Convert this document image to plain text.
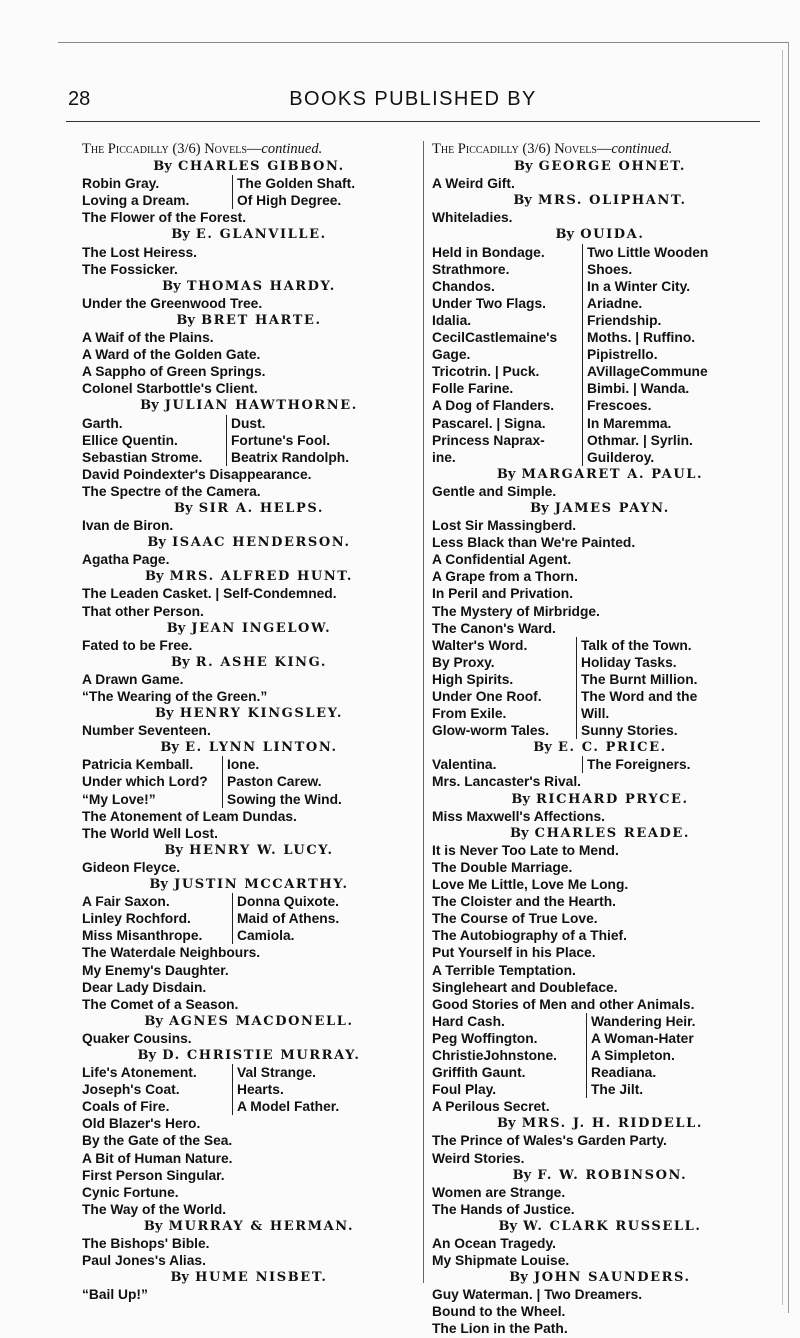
28	BOOKS PUBLISHED BY
The Piccadilly (3/6) Novels—continued.
By CHARLES GIBBON.
Robin Gray.	The Golden Shaft.
Loving a Dream.	Of High Degree.
The Flower of the Forest.
By E. GLANVILLE.
The Lost Heiress.
The Fossicker.
By THOMAS HARDY.
Under the Greenwood Tree.
By BRET HARTE.
A Waif of the Plains.
A Ward of the Golden Gate.
A Sappho of Green Springs.
Colonel Starbottle's Client.
By JULIAN HAWTHORNE.
Garth.	Dust.
Ellice Quentin.	Fortune's Fool.
Sebastian Strome.	Beatrix Randolph.
David Poindexter's Disappearance.
The Spectre of the Camera.
By SIR A. HELPS.
Ivan de Biron.
By ISAAC HENDERSON.
Agatha Page.
By MRS. ALFRED HUNT.
The Leaden Casket. | Self-Condemned.
That other Person.
By JEAN INGELOW.
Fated to be Free.
By R. ASHE KING.
A Drawn Game.
“The Wearing of the Green.”
By HENRY KINGSLEY.
Number Seventeen.
By E. LYNN LINTON.
Patricia Kemball.	Ione.
Under which Lord?	Paston Carew.
“My Love!”	Sowing the Wind.
The Atonement of Leam Dundas.
The World Well Lost.
By HENRY W. LUCY.
Gideon Fleyce.
By JUSTIN MCCARTHY.
A Fair Saxon.	Donna Quixote.
Linley Rochford.	Maid of Athens.
Miss Misanthrope.	Camiola.
The Waterdale Neighbours.
My Enemy's Daughter.
Dear Lady Disdain.
The Comet of a Season.
By AGNES MACDONELL.
Quaker Cousins.
By D. CHRISTIE MURRAY.
Life's Atonement.	Val Strange.
Joseph's Coat.	Hearts.
Coals of Fire.	A Model Father.
Old Blazer's Hero.
By the Gate of the Sea.
A Bit of Human Nature.
First Person Singular.
Cynic Fortune.
The Way of the World.
By MURRAY & HERMAN.
The Bishops' Bible.
Paul Jones's Alias.
By HUME NISBET.
“Bail Up!”
The Piccadilly (3/6) Novels—continued.
By GEORGE OHNET.
A Weird Gift.
By MRS. OLIPHANT.
Whiteladies.
By OUIDA.
Held in Bondage.	Two Little Wooden
Strathmore.	Shoes.
Chandos.	In a Winter City.
Under Two Flags.	Ariadne.
Idalia.	Friendship.
CecilCastlemaine's	Moths. | Ruffino.
Gage.	Pipistrello.
Tricotrin. | Puck.	AVillageCommune
Folle Farine.	Bimbi. | Wanda.
A Dog of Flanders.	Frescoes.
Pascarel. | Signa.	In Maremma.
Princess Naprax-	Othmar. | Syrlin.
ine.	Guilderoy.
By MARGARET A. PAUL.
Gentle and Simple.
By JAMES PAYN.
Lost Sir Massingberd.
Less Black than We're Painted.
A Confidential Agent.
A Grape from a Thorn.
In Peril and Privation.
The Mystery of Mirbridge.
The Canon's Ward.
Walter's Word.	Talk of the Town.
By Proxy.	Holiday Tasks.
High Spirits.	The Burnt Million.
Under One Roof.	The Word and the
From Exile.	Will.
Glow-worm Tales.	Sunny Stories.
By E. C. PRICE.
Valentina.	The Foreigners.
Mrs. Lancaster's Rival.
By RICHARD PRYCE.
Miss Maxwell's Affections.
By CHARLES READE.
It is Never Too Late to Mend.
The Double Marriage.
Love Me Little, Love Me Long.
The Cloister and the Hearth.
The Course of True Love.
The Autobiography of a Thief.
Put Yourself in his Place.
A Terrible Temptation.
Singleheart and Doubleface.
Good Stories of Men and other Animals.
Hard Cash.	Wandering Heir.
Peg Woffington.	A Woman-Hater
ChristieJohnstone.	A Simpleton.
Griffith Gaunt.	Readiana.
Foul Play.	The Jilt.
A Perilous Secret.
By MRS. J. H. RIDDELL.
The Prince of Wales's Garden Party.
Weird Stories.
By F. W. ROBINSON.
Women are Strange.
The Hands of Justice.
By W. CLARK RUSSELL.
An Ocean Tragedy.
My Shipmate Louise.
By JOHN SAUNDERS.
Guy Waterman. | Two Dreamers.
Bound to the Wheel.
The Lion in the Path.
